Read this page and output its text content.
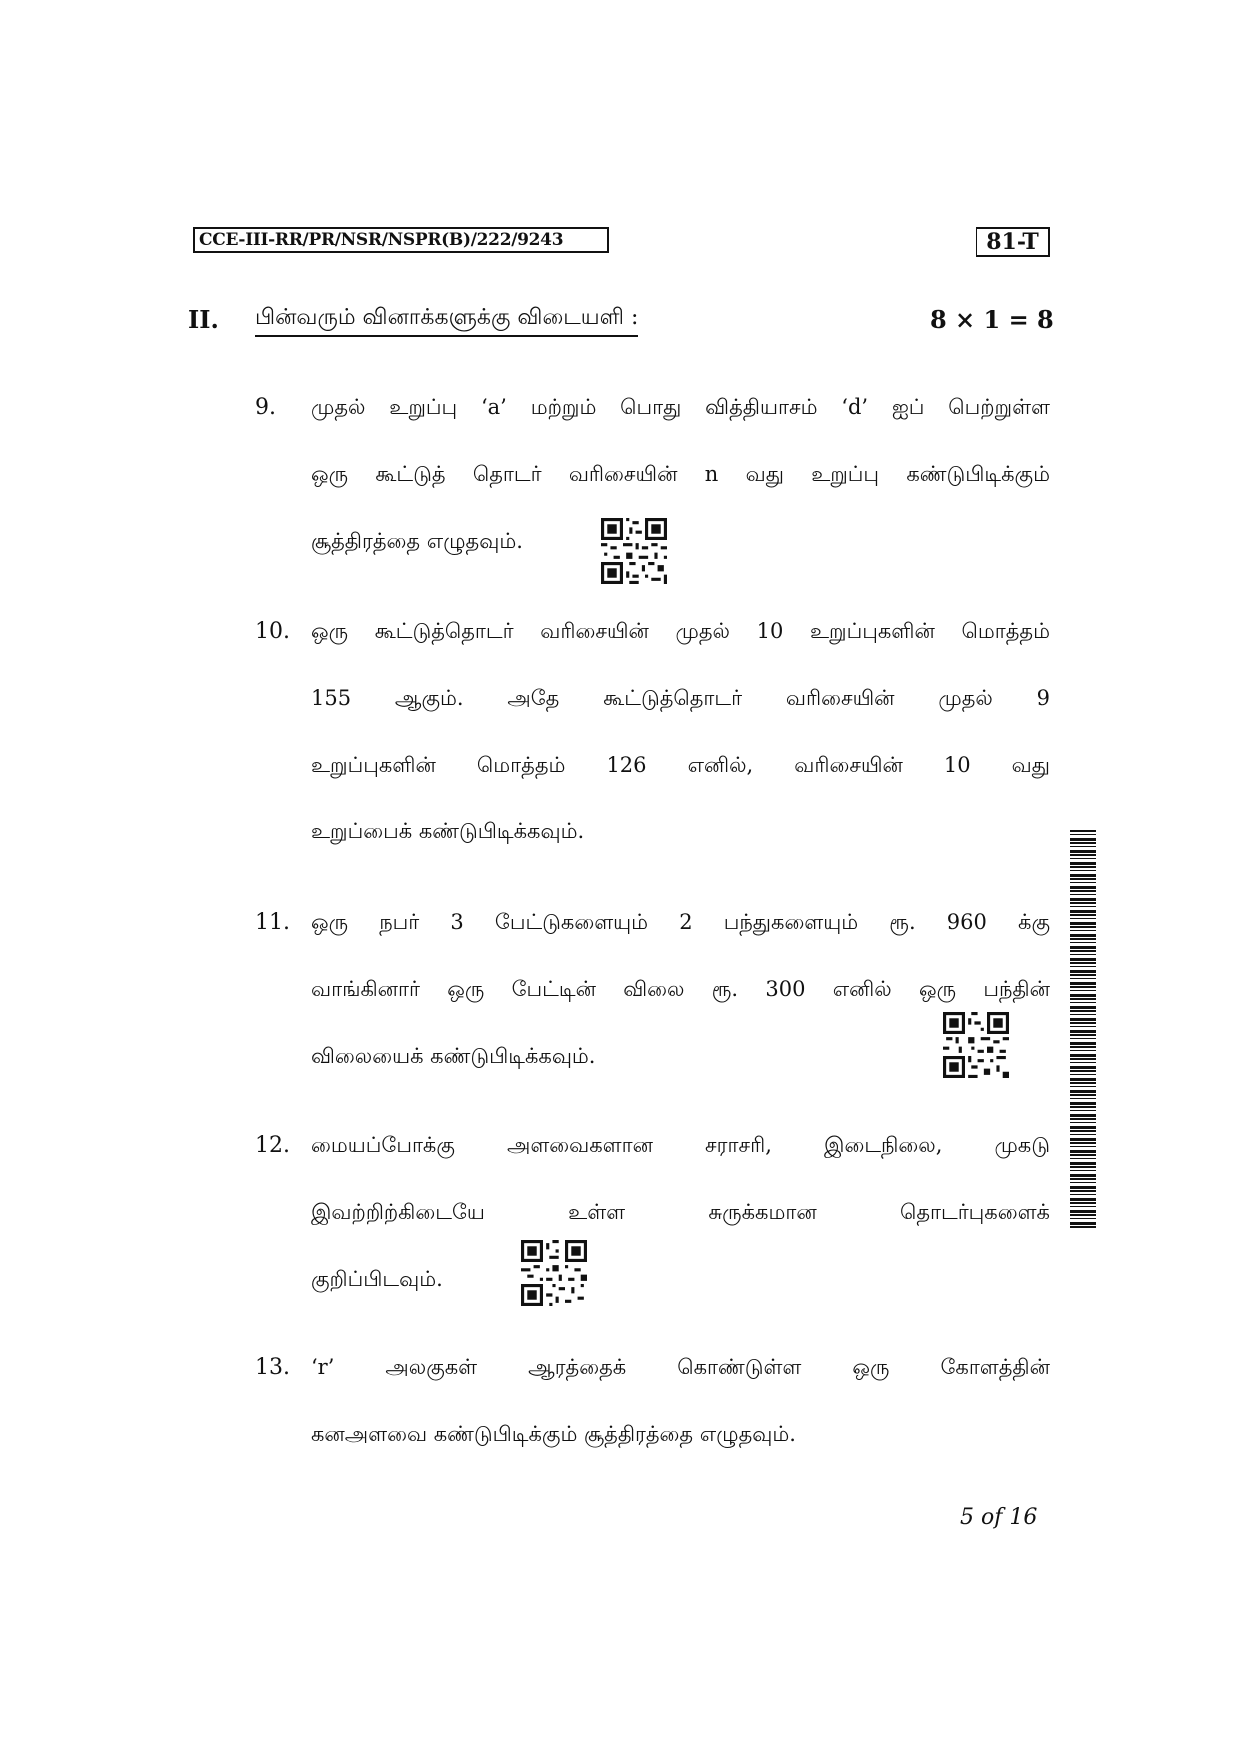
CCE-III-RR/PR/NSR/NSPR(B)/222/9243	81-T
II. பின்வரும் வினாக்களுக்கு விடையளி :	8 × 1 = 8
9. முதல் உறுப்பு ‘a’ மற்றும் பொது வித்தியாசம் ‘d’ ஐப் பெற்றுள்ள
ஒரு கூட்டுத் தொடர் வரிசையின் n வது உறுப்பு கண்டுபிடிக்கும்
சூத்திரத்தை எழுதவும்.
10. ஒரு கூட்டுத்தொடர் வரிசையின் முதல் 10 உறுப்புகளின் மொத்தம்
155 ஆகும். அதே கூட்டுத்தொடர் வரிசையின் முதல் 9
உறுப்புகளின் மொத்தம் 126 எனில், வரிசையின் 10 வது
உறுப்பைக் கண்டுபிடிக்கவும்.
11. ஒரு நபர் 3 பேட்டுகளையும் 2 பந்துகளையும் ரூ. 960 க்கு
வாங்கினார் ஒரு பேட்டின் விலை ரூ. 300 எனில் ஒரு பந்தின்
விலையைக் கண்டுபிடிக்கவும்.
12. மையப்போக்கு அளவைகளான சராசரி, இடைநிலை, முகடு
இவற்றிற்கிடையே உள்ள சுருக்கமான தொடர்புகளைக்
குறிப்பிடவும்.
13. ‘r’ அலகுகள் ஆரத்தைக் கொண்டுள்ள ஒரு கோளத்தின்
கனஅளவை கண்டுபிடிக்கும் சூத்திரத்தை எழுதவும்.
5 of 16
